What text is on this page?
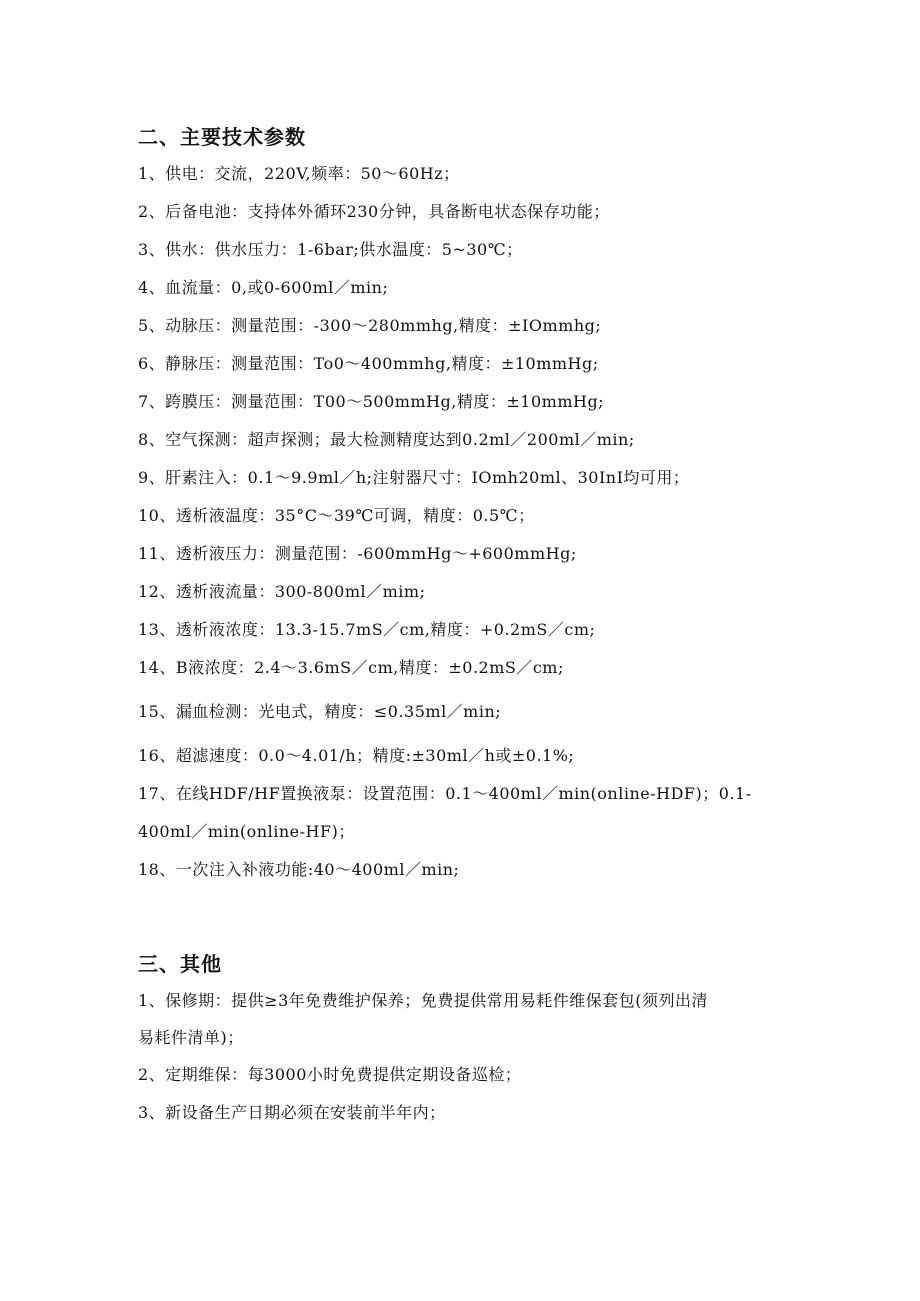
二、主要技术参数
1、供电：交流，220V,频率：50～60Hz；
2、后备电池：支持体外循环230分钟，具备断电状态保存功能；
3、供水：供水压力：1-6bar;供水温度：5~30℃；
4、血流量：0,或0-600ml／min;
5、动脉压：测量范围：-300～280mmhg,精度：±IOmmhg;
6、静脉压：测量范围：To0～400mmhg,精度：±10mmHg;
7、跨膜压：测量范围：T00～500mmHg,精度：±10mmHg;
8、空气探测：超声探测；最大检测精度达到0.2ml／200ml／min;
9、肝素注入：0.1～9.9ml／h;注射器尺寸：IOmh20ml、30InI均可用；
10、透析液温度：35°C～39℃可调，精度：0.5℃；
11、透析液压力：测量范围：-600mmHg～+600mmHg;
12、透析液流量：300-800ml／mim;
13、透析液浓度：13.3-15.7mS／cm,精度：+0.2mS／cm;
14、B液浓度：2.4～3.6mS／cm,精度：±0.2mS／cm;
15、漏血检测：光电式，精度：≤0.35ml／min;
16、超滤速度：0.0～4.01/h；精度:±30ml／h或±0.1%;
17、在线HDF/HF置换液泵：设置范围：0.1～400ml／min(online-HDF)；0.1-
400ml／min(online-HF)；
18、一次注入补液功能:40～400ml／min;
三、其他
1、保修期：提供≥3年免费维护保养；免费提供常用易耗件维保套包(须列出清
易耗件清单)；
2、定期维保：每3000小时免费提供定期设备巡检；
3、新设备生产日期必须在安装前半年内；
